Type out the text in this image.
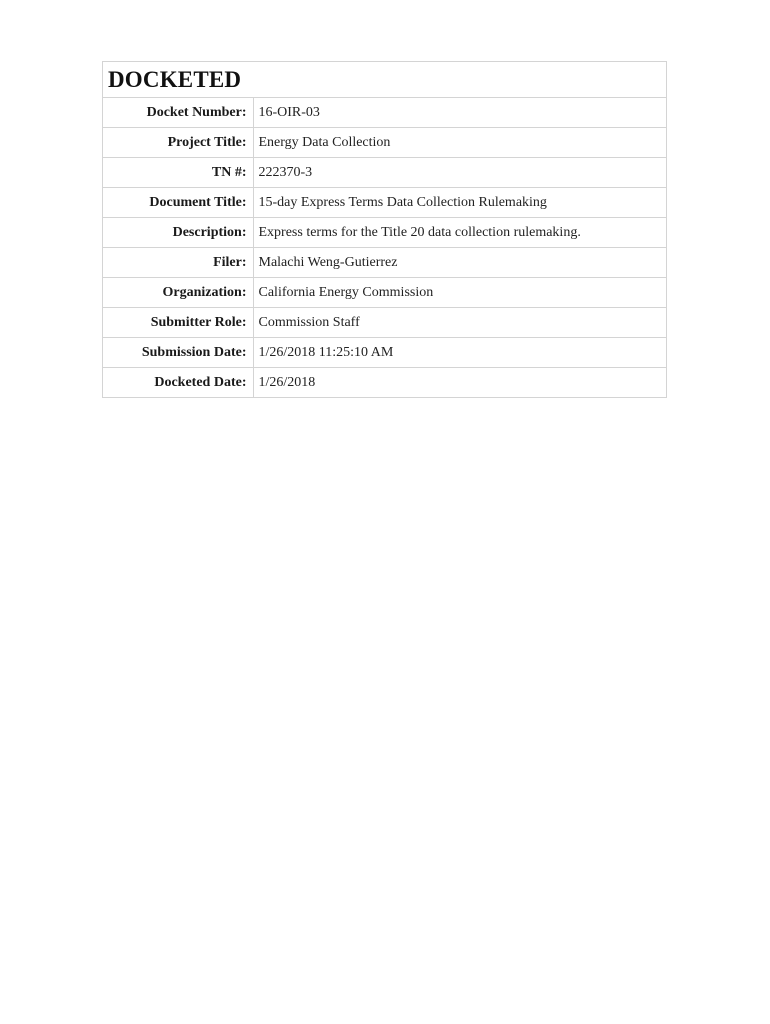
DOCKETED
Docket Number:	16-OIR-03
Project Title:	Energy Data Collection
TN #:	222370-3
Document Title:	15-day Express Terms Data Collection Rulemaking
Description:	Express terms for the Title 20 data collection rulemaking.
Filer:	Malachi Weng-Gutierrez
Organization:	California Energy Commission
Submitter Role:	Commission Staff
Submission Date:	1/26/2018 11:25:10 AM
Docketed Date:	1/26/2018
